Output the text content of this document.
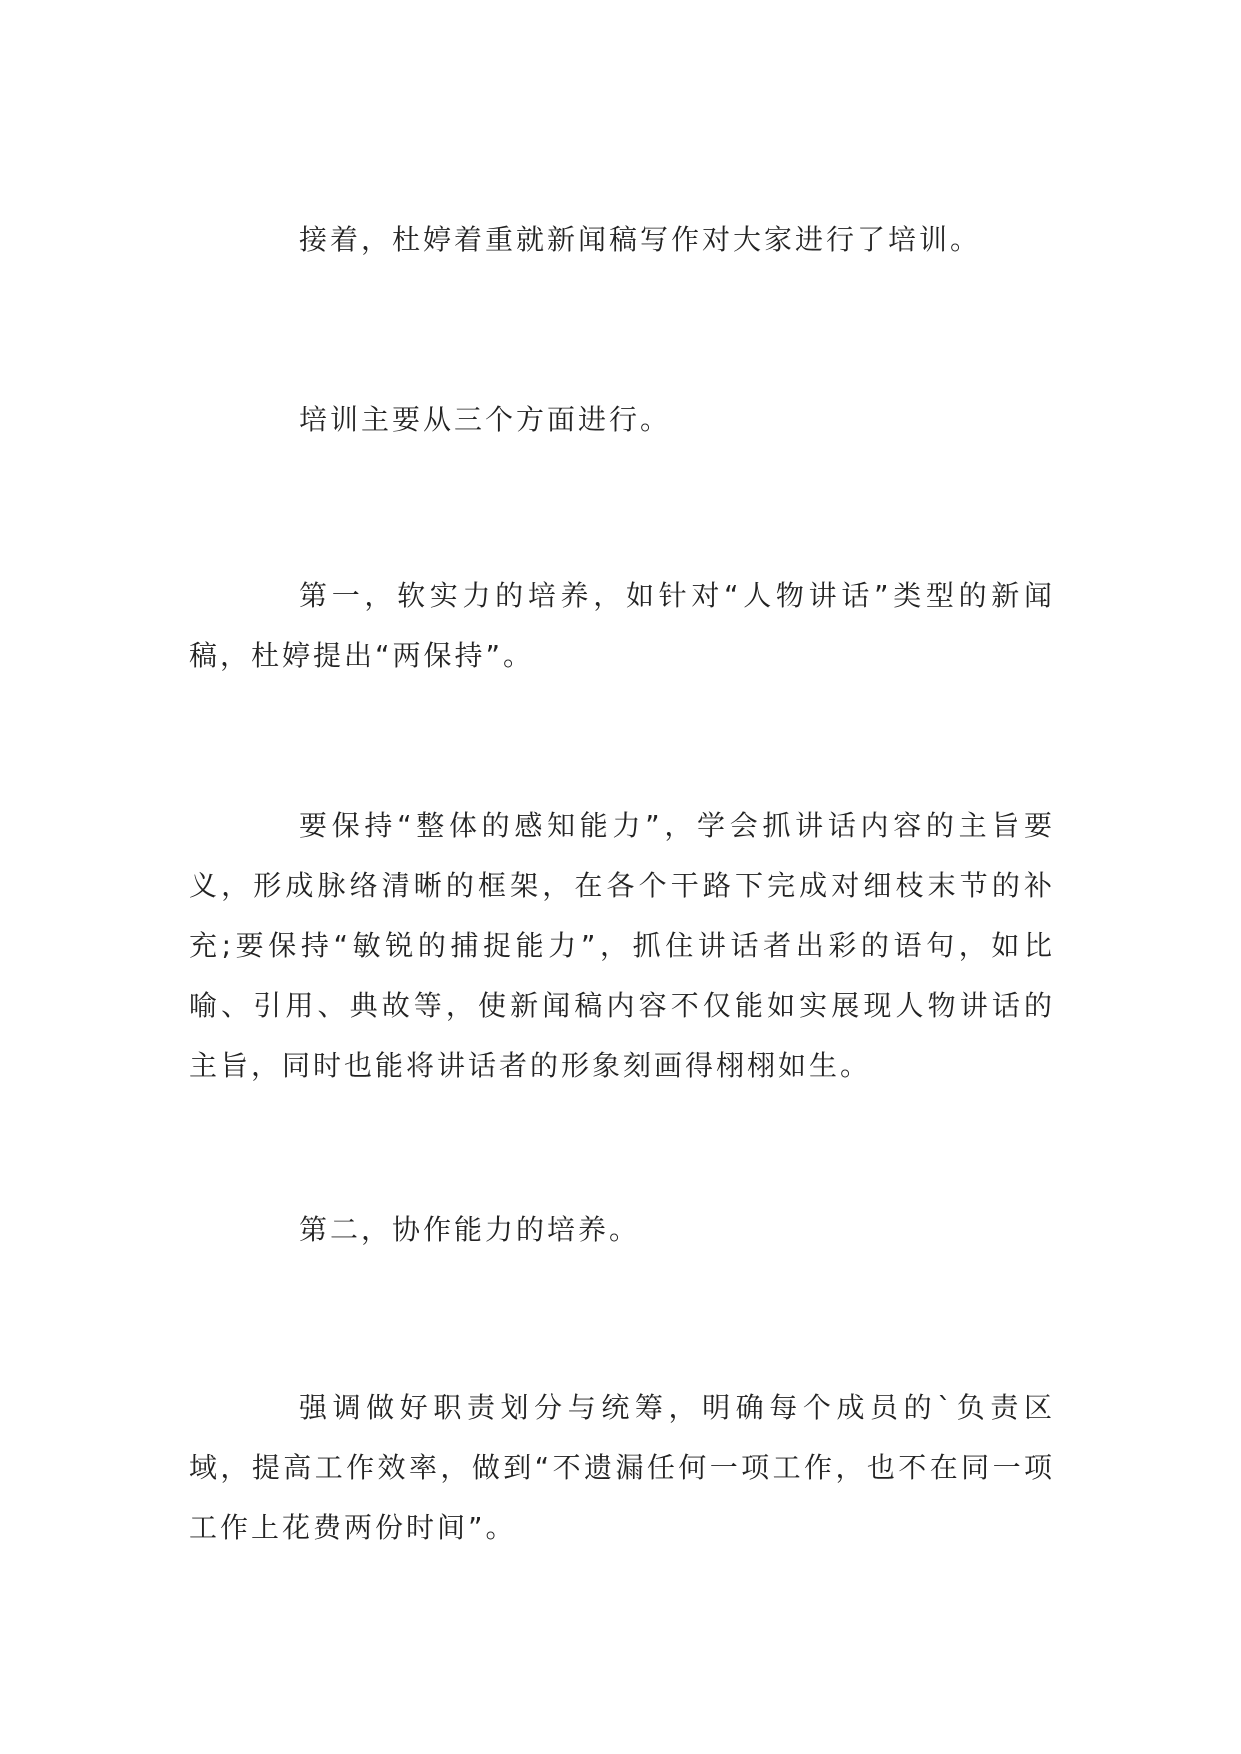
接着，杜婷着重就新闻稿写作对大家进行了培训。

培训主要从三个方面进行。

第一，软实力的培养，如针对“人物讲话”类型的新闻稿，杜婷提出“两保持”。

要保持“整体的感知能力”，学会抓讲话内容的主旨要义，形成脉络清晰的框架，在各个干路下完成对细枝末节的补充;要保持“敏锐的捕捉能力”，抓住讲话者出彩的语句，如比喻、引用、典故等，使新闻稿内容不仅能如实展现人物讲话的主旨，同时也能将讲话者的形象刻画得栩栩如生。

第二，协作能力的培养。

强调做好职责划分与统筹，明确每个成员的`负责区域，提高工作效率，做到“不遗漏任何一项工作，也不在同一项工作上花费两份时间”。
